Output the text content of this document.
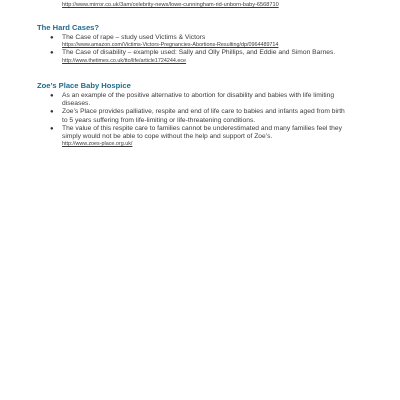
http://www.mirror.co.uk/3am/celebrity-news/lowe-cunningham-rid-unborn-baby-6568710
The Hard Cases?
● The Case of rape – study used Victims & Victors
https://www.amazon.com/Victims-Victors-Pregnancies-Abortions-Resulting/dp/0964489714
● The Case of disability – example used: Sally and Olly Phillips, and Eddie and Simon Barnes.
http://www.thetimes.co.uk/tto/life/article1724244.ece
Zoe’s Place Baby Hospice
● As an example of the positive alternative to abortion for disability and babies with life limiting diseases.
● Zoe’s Place provides palliative, respite and end of life care to babies and infants aged from birth to 5 years suffering from life-limiting or life-threatening conditions.
● The value of this respite care to families cannot be underestimated and many families feel they simply would not be able to cope without the help and support of Zoe’s.
http://www.zoes-place.org.uk/
